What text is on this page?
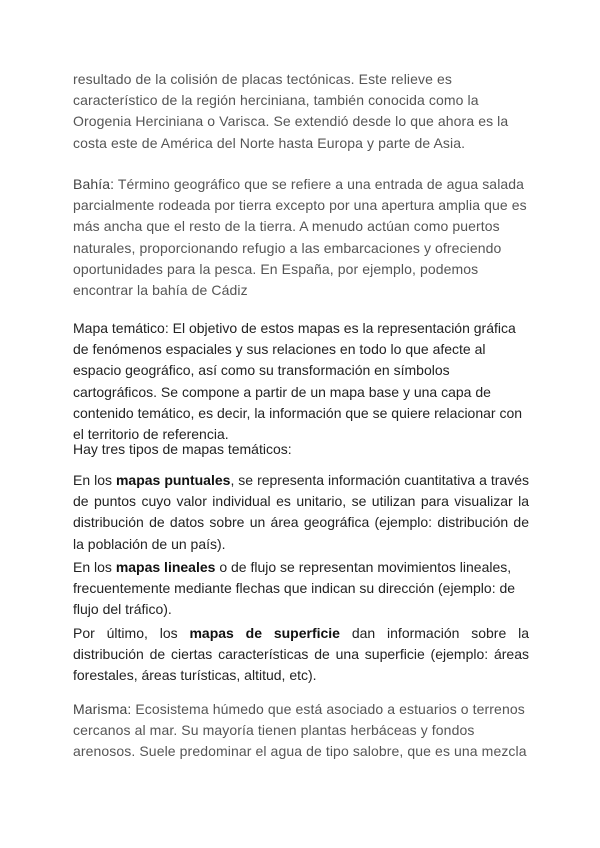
resultado de la colisión de placas tectónicas. Este relieve es característico de la región herciniana, también conocida como la Orogenia Herciniana o Varisca. Se extendió desde lo que ahora es la costa este de América del Norte hasta Europa y parte de Asia.

Bahía: Término geográfico que se refiere a una entrada de agua salada parcialmente rodeada por tierra excepto por una apertura amplia que es más ancha que el resto de la tierra. A menudo actúan como puertos naturales, proporcionando refugio a las embarcaciones y ofreciendo oportunidades para la pesca. En España, por ejemplo, podemos encontrar la bahía de Cádiz

Mapa temático: El objetivo de estos mapas es la representación gráfica de fenómenos espaciales y sus relaciones en todo lo que afecte al espacio geográfico, así como su transformación en símbolos cartográficos. Se compone a partir de un mapa base y una capa de contenido temático, es decir, la información que se quiere relacionar con el territorio de referencia.

Hay tres tipos de mapas temáticos:

En los mapas puntuales, se representa información cuantitativa a través de puntos cuyo valor individual es unitario, se utilizan para visualizar la distribución de datos sobre un área geográfica (ejemplo: distribución de la población de un país).

En los mapas lineales o de flujo se representan movimientos lineales, frecuentemente mediante flechas que indican su dirección (ejemplo: de flujo del tráfico).

Por último, los mapas de superficie dan información sobre la distribución de ciertas características de una superficie (ejemplo: áreas forestales, áreas turísticas, altitud, etc).

Marisma: Ecosistema húmedo que está asociado a estuarios o terrenos cercanos al mar. Su mayoría tienen plantas herbáceas y fondos arenosos. Suele predominar el agua de tipo salobre, que es una mezcla
